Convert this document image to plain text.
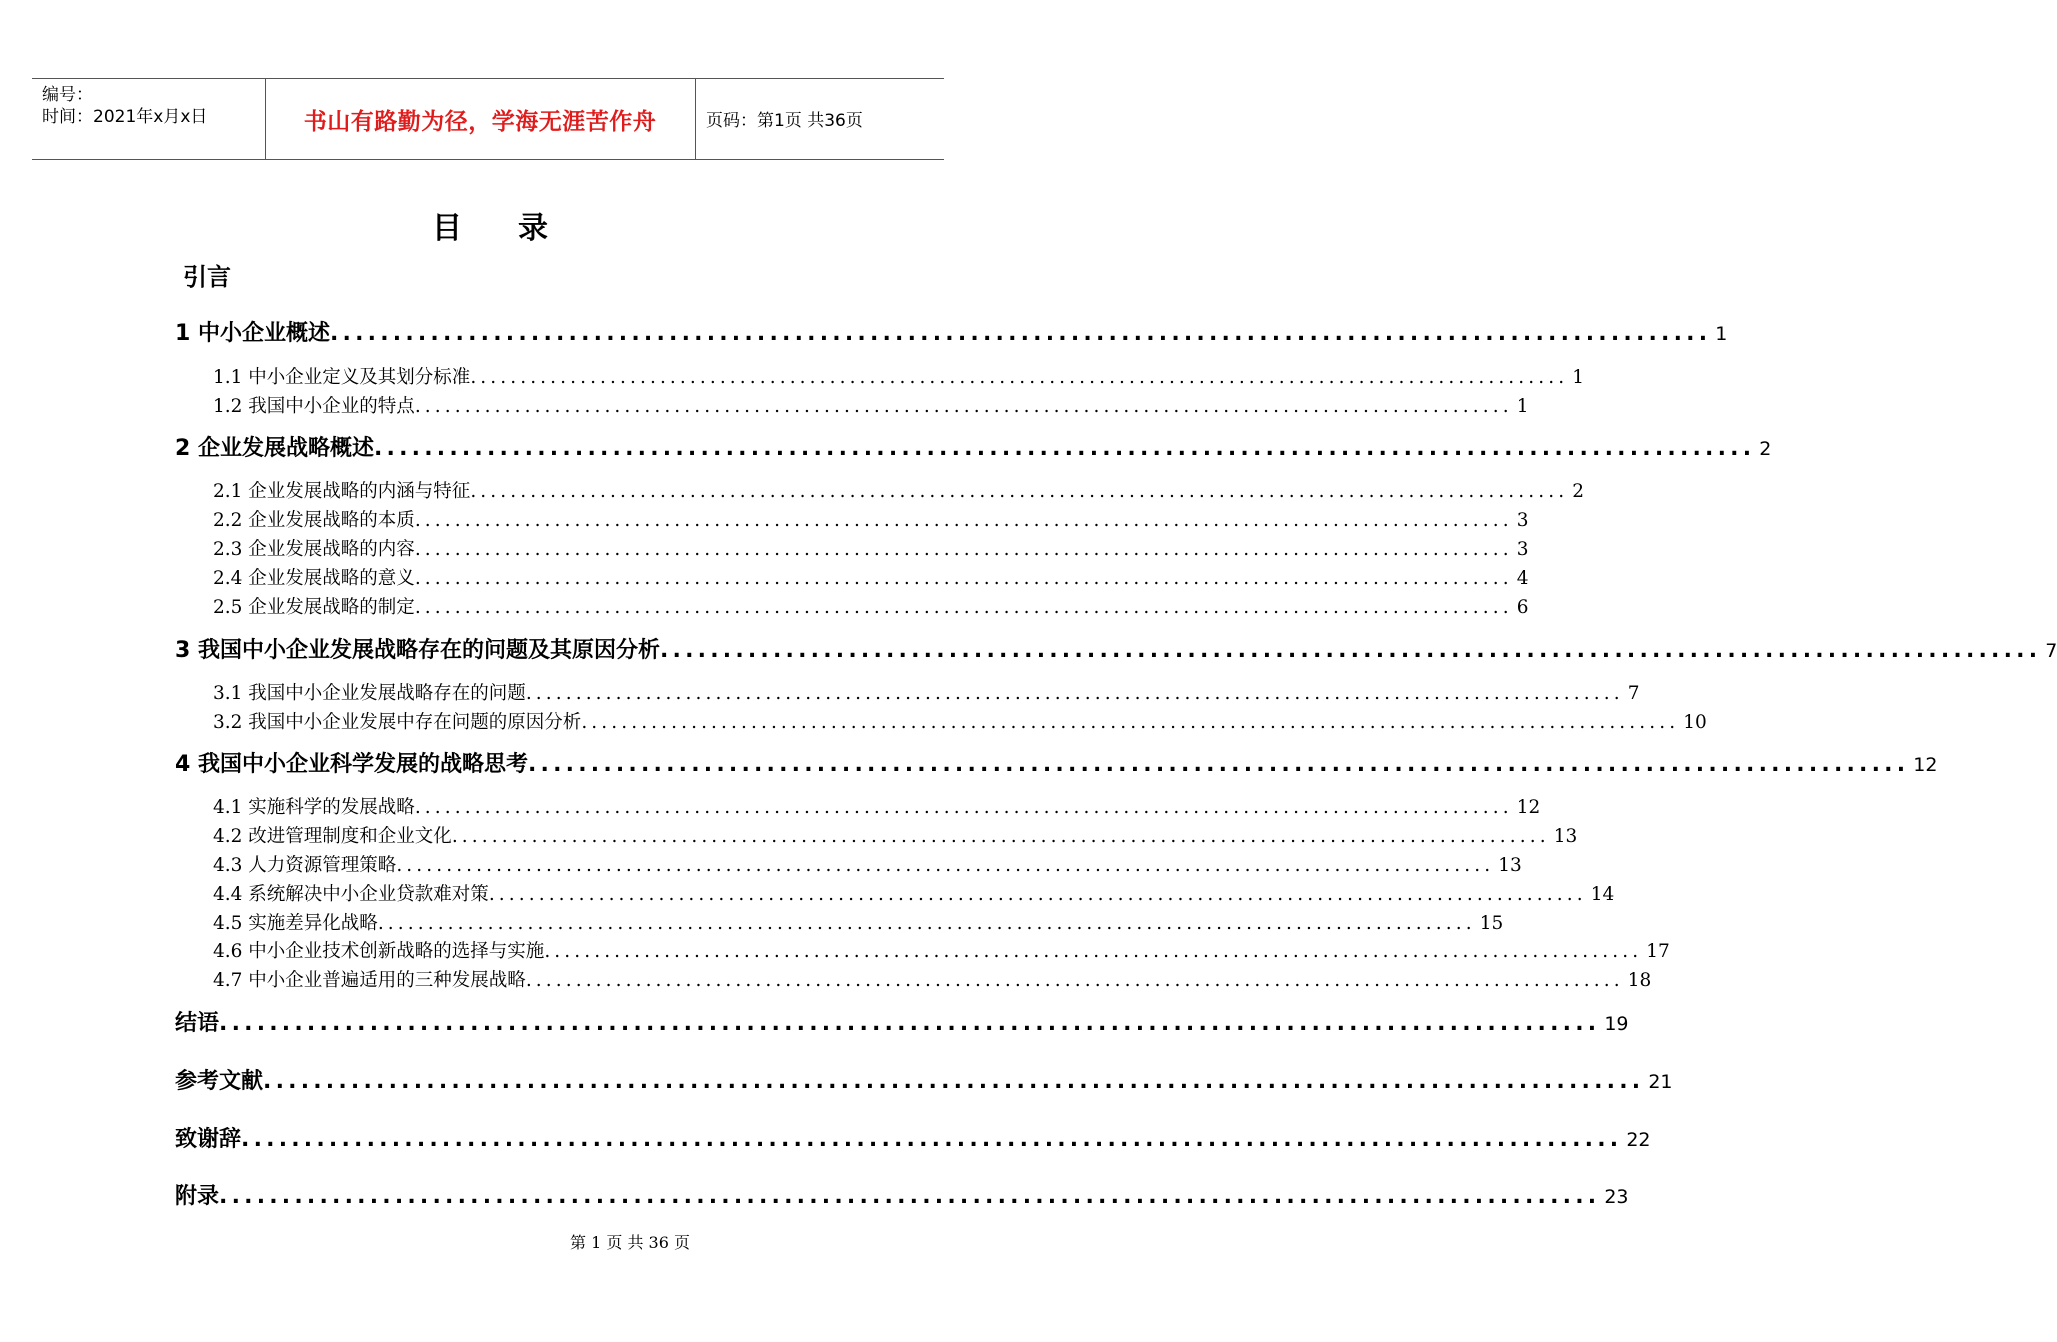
编号：
时间：2021年x月x日	书山有路勤为径，学海无涯苦作舟	页码：第1页 共36页
目 录
引言
1 中小企业概述 .............................................................................................................. 1
1.1 中小企业定义及其划分标准 .............................................................................................................. 1
1.2 我国中小企业的特点 .............................................................................................................. 1
2 企业发展战略概述 .............................................................................................................. 2
2.1 企业发展战略的内涵与特征 .............................................................................................................. 2
2.2 企业发展战略的本质 .............................................................................................................. 3
2.3 企业发展战略的内容 .............................................................................................................. 3
2.4 企业发展战略的意义 .............................................................................................................. 4
2.5 企业发展战略的制定 .............................................................................................................. 6
3 我国中小企业发展战略存在的问题及其原因分析 .............................................................................................................. 7
3.1 我国中小企业发展战略存在的问题 .............................................................................................................. 7
3.2 我国中小企业发展中存在问题的原因分析 .............................................................................................................. 10
4 我国中小企业科学发展的战略思考 .............................................................................................................. 12
4.1 实施科学的发展战略 .............................................................................................................. 12
4.2 改进管理制度和企业文化 .............................................................................................................. 13
4.3 人力资源管理策略 .............................................................................................................. 13
4.4 系统解决中小企业贷款难对策 .............................................................................................................. 14
4.5 实施差异化战略 .............................................................................................................. 15
4.6 中小企业技术创新战略的选择与实施 .............................................................................................................. 17
4.7 中小企业普遍适用的三种发展战略 .............................................................................................................. 18
结语 .............................................................................................................. 19
参考文献 .............................................................................................................. 21
致谢辞 .............................................................................................................. 22
附录 .............................................................................................................. 23
第 1 页 共 36 页
